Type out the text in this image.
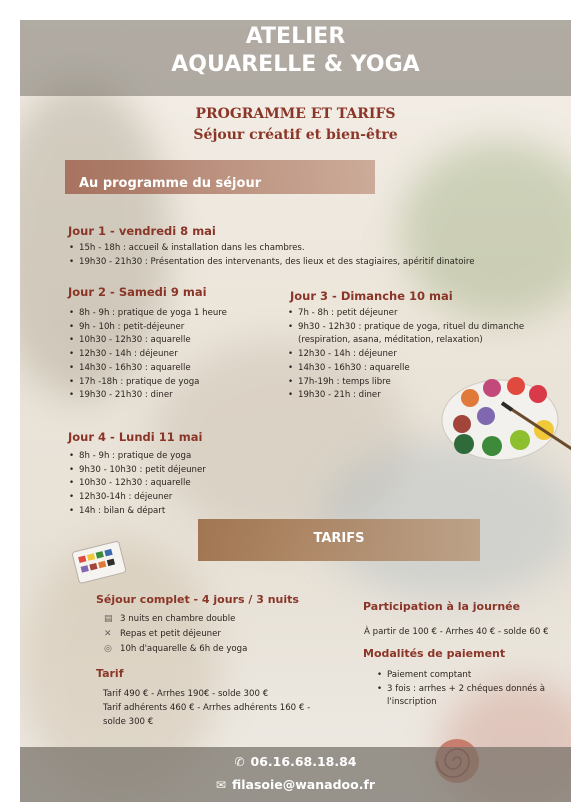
ATELIER
AQUARELLE & YOGA
PROGRAMME ET TARIFS
Séjour créatif et bien-être
Au programme du séjour
Jour 1 - vendredi 8 mai
• 15h - 18h : accueil & installation dans les chambres.
• 19h30 - 21h30 : Présentation des intervenants, des lieux et des stagiaires, apéritif dinatoire
Jour 2 - Samedi 9 mai
• 8h - 9h : pratique de yoga 1 heure
• 9h - 10h : petit-déjeuner
• 10h30 - 12h30 : aquarelle
• 12h30 - 14h : déjeuner
• 14h30 - 16h30 : aquarelle
• 17h -18h : pratique de yoga
• 19h30 - 21h30 : diner
Jour 3 - Dimanche 10 mai
• 7h - 8h : petit déjeuner
• 9h30 - 12h30 : pratique de yoga, rituel du dimanche (respiration, asana, méditation, relaxation)
• 12h30 - 14h : déjeuner
• 14h30 - 16h30 : aquarelle
• 17h-19h : temps libre
• 19h30 - 21h : diner
Jour 4 - Lundi 11 mai
• 8h - 9h : pratique de yoga
• 9h30 - 10h30 : petit déjeuner
• 10h30 - 12h30 : aquarelle
• 12h30-14h : déjeuner
• 14h : bilan & départ
TARIFS
Séjour complet - 4 jours / 3 nuits
▤ 3 nuits en chambre double
✕ Repas et petit déjeuner
◎ 10h d'aquarelle & 6h de yoga
Tarif
Tarif 490 € - Arrhes 190€ - solde 300 €
Tarif adhérents 460 € - Arrhes adhérents 160 € -
solde 300 €
Participation à la journée
À partir de 100 € - Arrhes 40 € - solde 60 €
Modalités de paiement
• Paiement comptant
• 3 fois : arrhes + 2 chéques donnés à l'inscription
✆ 06.16.68.18.84
✉ filasoie@wanadoo.fr
